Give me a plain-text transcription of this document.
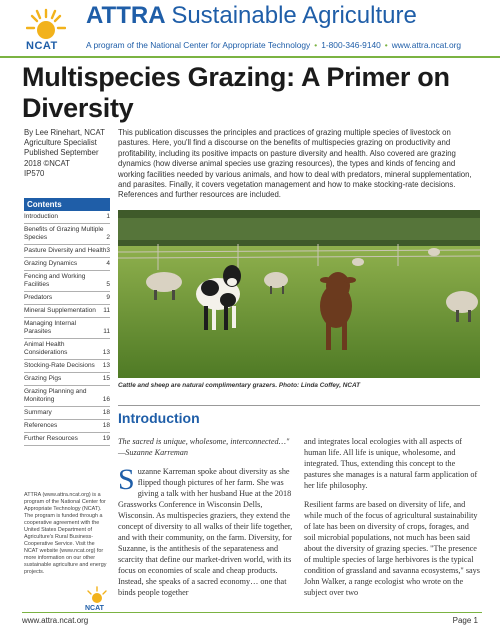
NCAT
ATTRA Sustainable Agriculture
A program of the National Center for Appropriate Technology • 1-800-346-9140 • www.attra.ncat.org
Multispecies Grazing: A Primer on Diversity
By Lee Rinehart, NCAT Agriculture Specialist
Published September 2018 ©NCAT
IP570

This publication discusses the principles and practices of grazing multiple species of livestock on pastures. Here, you'll find a discourse on the benefits of multispecies grazing on productivity and profitability, including its positive impacts on pasture diversity and health. Also covered are grazing dynamics (how diverse animal species use grazing resources), the types and kinds of fencing and working facilities needed by various animals, and how to deal with predators, mineral supplementation, and parasites. Finally, it covers vegetation management and how to make stocking-rate decisions. References and further resources are included.

Contents
Introduction	1
Benefits of Grazing Multiple Species	2
Pasture Diversity and Health 3
Grazing Dynamics	4
Fencing and Working Facilities	5
Predators	9
Mineral Supplementation	11
Managing Internal Parasites	11
Animal Health Considerations	13
Stocking-Rate Decisions	13
Grazing Pigs	15
Grazing Planning and Monitoring	16
Summary	18
References	18
Further Resources	19

Cattle and sheep are natural complimentary grazers. Photo: Linda Coffey, NCAT

Introduction

The sacred is unique, wholesome, interconnected…" —Suzanne Karreman

Suzanne Karreman spoke about diversity as she flipped though pictures of her farm. She was giving a talk with her husband Hue at the 2018 Grassworks Conference in Wisconsin Dells, Wisconsin. As multispecies graziers, they extend the concept of diversity to all walks of their life together, and with their community, on the farm. Diversity, for Suzanne, is the antithesis of the separateness and scarcity that define our market-driven world, with its focus on economies of scale and cheap products. Instead, she speaks of a sacred economy… one that binds people together

and integrates local ecologies with all aspects of human life. All life is unique, wholesome, and integrated. Thus, extending this concept to the pastures she manages is a natural farm application of her life philosophy.

Resilient farms are based on diversity of life, and while much of the focus of agricultural sustainability of late has been on diversity of crops, forages, and soil microbial populations, not much has been said about the diversity of grazing species. "The presence of multiple species of large herbivores is the typical condition of grassland and savanna ecosystems," says John Walker, a range ecologist who wrote on the subject over two

ATTRA (www.attra.ncat.org) is a program of the National Center for Appropriate Technology (NCAT). The program is funded through a cooperative agreement with the United States Department of Agriculture's Rural Business-Cooperative Service. Visit the NCAT website (www.ncat.org) for more information on our other sustainable agriculture and energy projects.

NCAT
www.attra.ncat.org	Page 1
